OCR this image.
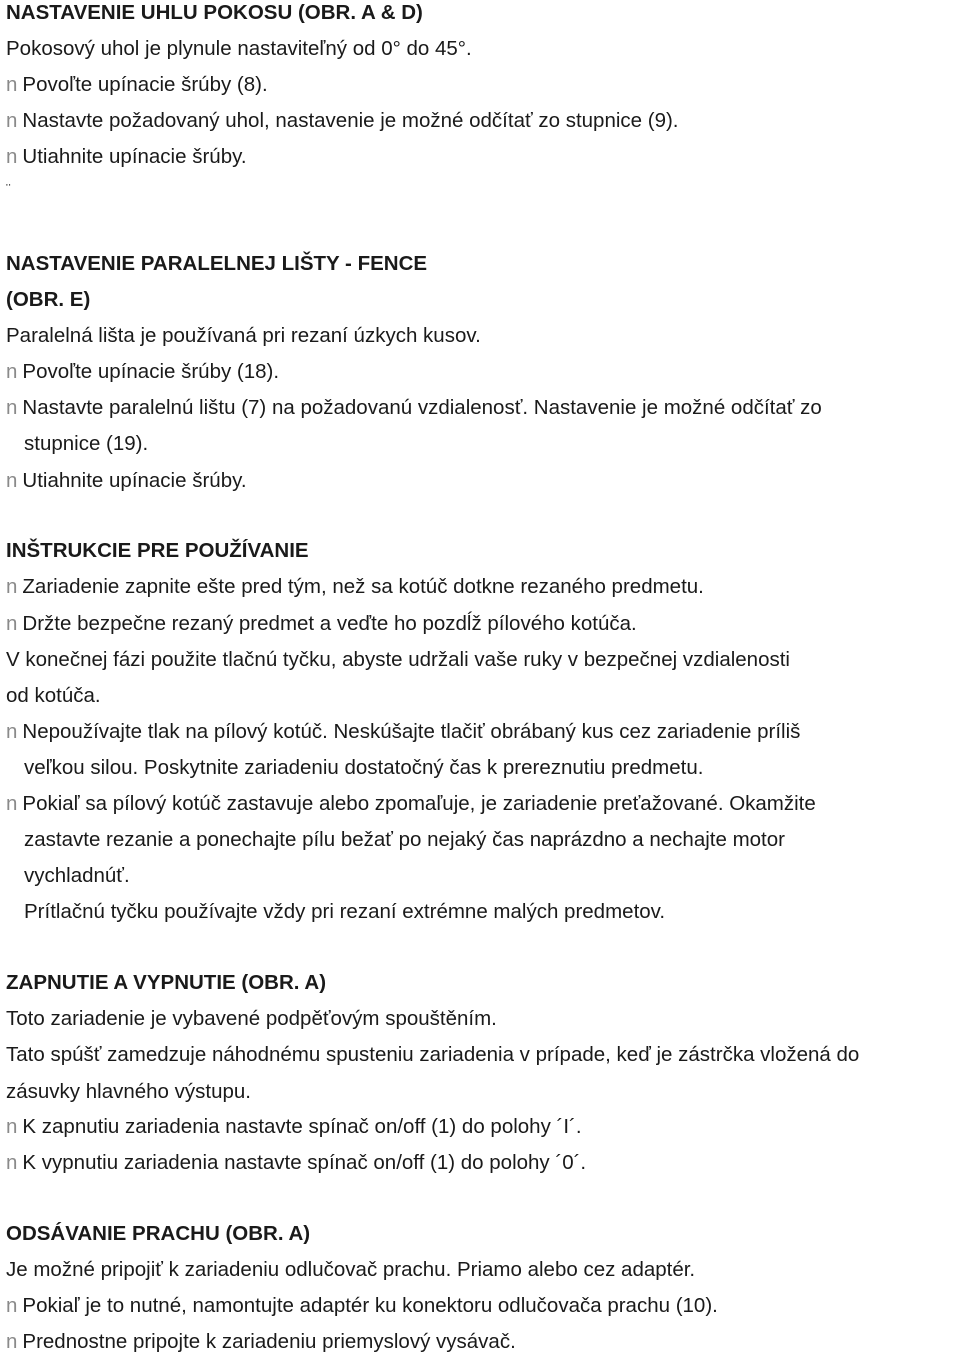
NASTAVENIE UHLU POKOSU (OBR. A & D)
Pokosový uhol je plynule nastaviteľný od 0° do 45°.
n Povoľte upínacie šrúby (8).
n Nastavte požadovaný uhol, nastavenie je možné odčítať zo stupnice (9).
n Utiahnite upínacie šrúby.
¨
NASTAVENIE PARALELNEJ LIŠTY - FENCE
(OBR. E)
Paralelná lišta je používaná pri rezaní úzkych kusov.
n Povoľte upínacie šrúby (18).
n Nastavte paralelnú lištu (7) na požadovanú vzdialenosť. Nastavenie je možné odčítať zo
stupnice (19).
n Utiahnite upínacie šrúby.
INŠTRUKCIE PRE POUŽÍVANIE
n Zariadenie zapnite ešte pred tým, než sa kotúč dotkne rezaného predmetu.
n Držte bezpečne rezaný predmet a veďte ho pozdĺž pílového kotúča.
V konečnej fázi použite tlačnú tyčku, abyste udržali vaše ruky v bezpečnej vzdialenosti
od kotúča.
n Nepoužívajte tlak na pílový kotúč. Neskúšajte tlačiť obrábaný kus cez zariadenie príliš
veľkou silou. Poskytnite zariadeniu dostatočný čas k prereznutiu predmetu.
n Pokiaľ sa pílový kotúč zastavuje alebo zpomaľuje, je zariadenie preťažované. Okamžite
zastavte rezanie a ponechajte pílu bežať po nejaký čas naprázdno a nechajte motor
vychladnúť.
Prítlačnú tyčku používajte vždy pri rezaní extrémne malých predmetov.
ZAPNUTIE A VYPNUTIE (OBR. A)
Toto zariadenie je vybavené podpěťovým spouštěním.
Tato spúšť zamedzuje náhodnému spusteniu zariadenia v prípade, keď je zástrčka vložená do
zásuvky hlavného výstupu.
n K zapnutiu zariadenia nastavte spínač on/off (1) do polohy ´I´.
n K vypnutiu zariadenia nastavte spínač on/off (1) do polohy ´0´.
ODSÁVANIE PRACHU (OBR. A)
Je možné pripojiť k zariadeniu odlučovač prachu. Priamo alebo cez adaptér.
n Pokiaľ je to nutné, namontujte adaptér ku konektoru odlučovača prachu (10).
n Prednostne pripojte k zariadeniu priemyslový vysávač.
